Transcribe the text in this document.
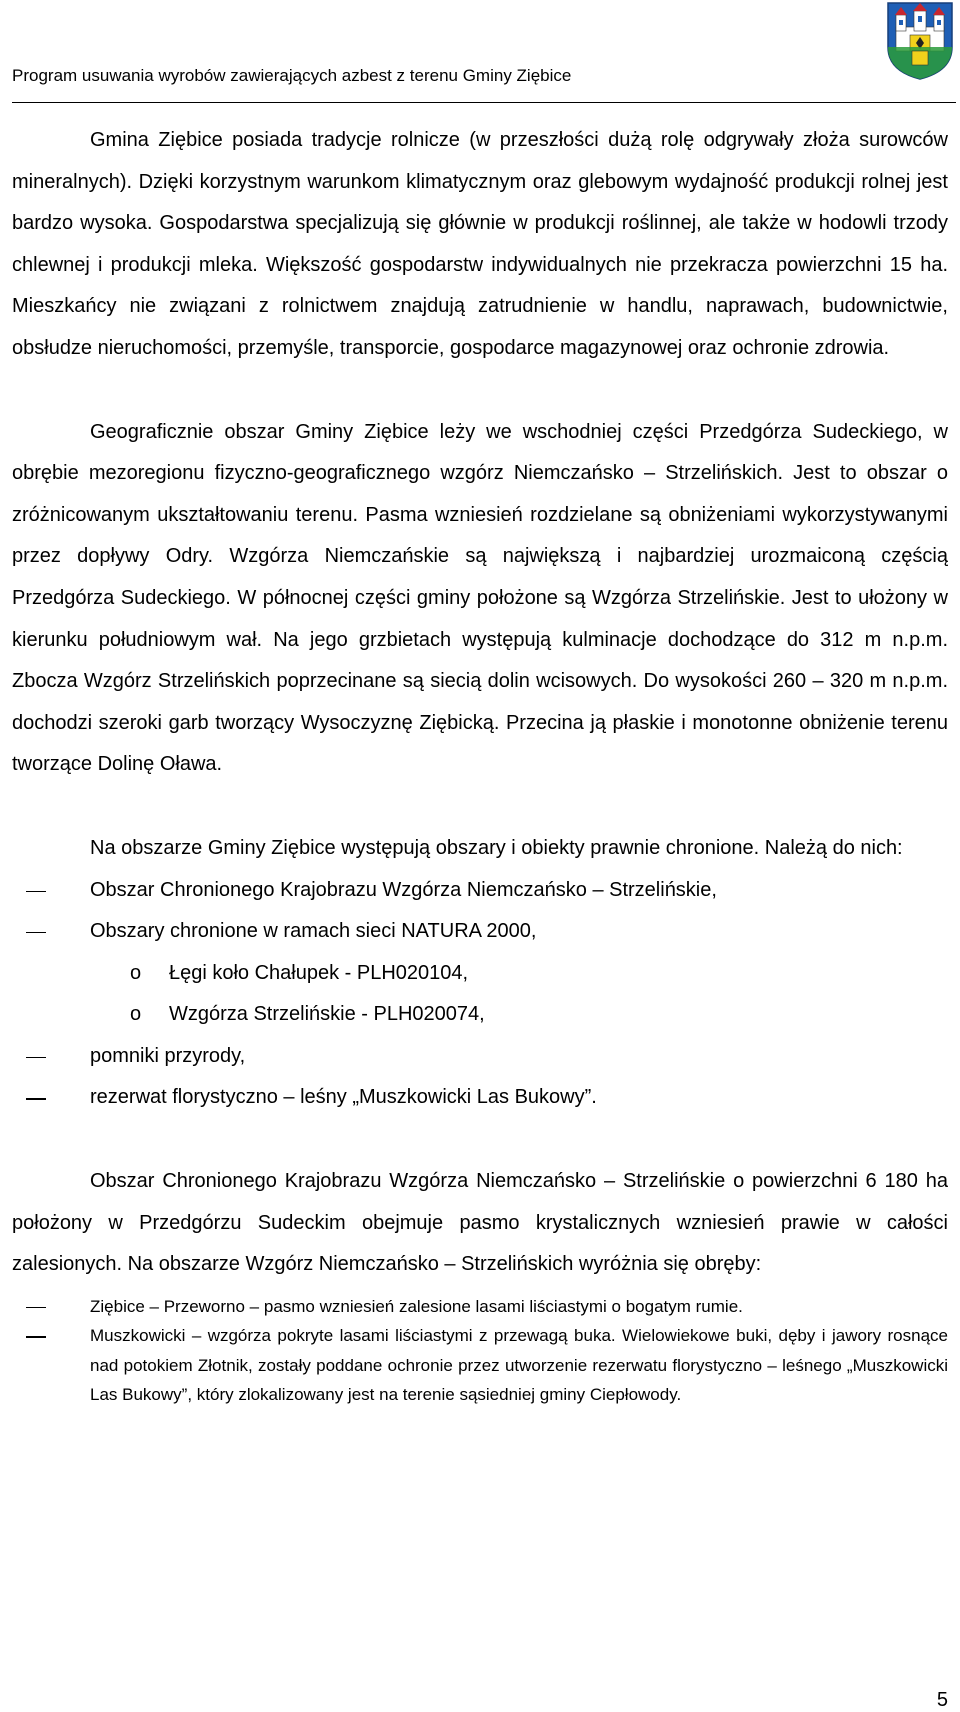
Program usuwania wyrobów zawierających azbest z terenu Gminy Ziębice

Gmina Ziębice posiada tradycje rolnicze (w przeszłości dużą rolę odgrywały złoża surowców mineralnych). Dzięki korzystnym warunkom klimatycznym oraz glebowym wydajność produkcji rolnej jest bardzo wysoka. Gospodarstwa specjalizują się głównie w produkcji roślinnej, ale także w hodowli trzody chlewnej i produkcji mleka. Większość gospodarstw indywidualnych nie przekracza powierzchni 15 ha. Mieszkańcy nie związani z rolnictwem znajdują zatrudnienie w handlu, naprawach, budownictwie, obsłudze nieruchomości, przemyśle, transporcie, gospodarce magazynowej oraz ochronie zdrowia.

Geograficznie obszar Gminy Ziębice leży we wschodniej części Przedgórza Sudeckiego, w obrębie mezoregionu fizyczno-geograficznego wzgórz Niemczańsko – Strzelińskich. Jest to obszar o zróżnicowanym ukształtowaniu terenu. Pasma wzniesień rozdzielane są obniżeniami wykorzystywanymi przez dopływy Odry. Wzgórza Niemczańskie są największą i najbardziej urozmaiconą częścią Przedgórza Sudeckiego. W północnej części gminy położone są Wzgórza Strzelińskie. Jest to ułożony w kierunku południowym wał. Na jego grzbietach występują kulminacje dochodzące do 312 m n.p.m. Zbocza Wzgórz Strzelińskich poprzecinane są siecią dolin wcisowych. Do wysokości 260 – 320 m n.p.m. dochodzi szeroki garb tworzący Wysoczyznę Ziębicką. Przecina ją płaskie i monotonne obniżenie terenu tworzące Dolinę Oława.

Na obszarze Gminy Ziębice występują obszary i obiekty prawnie chronione. Należą do nich:

Obszar Chronionego Krajobrazu Wzgórza Niemczańsko – Strzelińskie,
Obszary chronione w ramach sieci NATURA 2000,
o Łęgi koło Chałupek - PLH020104,
o Wzgórza Strzelińskie - PLH020074,
pomniki przyrody,
rezerwat florystyczno – leśny „Muszkowicki Las Bukowy”.

Obszar Chronionego Krajobrazu Wzgórza Niemczańsko – Strzelińskie o powierzchni 6 180 ha położony w Przedgórzu Sudeckim obejmuje pasmo krystalicznych wzniesień prawie w całości zalesionych. Na obszarze Wzgórz Niemczańsko – Strzelińskich wyróżnia się obręby:

Ziębice – Przeworno – pasmo wzniesień zalesione lasami liściastymi o bogatym rumie.
Muszkowicki – wzgórza pokryte lasami liściastymi z przewagą buka. Wielowiekowe buki, dęby i jawory rosnące nad potokiem Złotnik, zostały poddane ochronie przez utworzenie rezerwatu florystyczno – leśnego „Muszkowicki Las Bukowy”, który zlokalizowany jest na terenie sąsiedniej gminy Ciepłowody.
5
